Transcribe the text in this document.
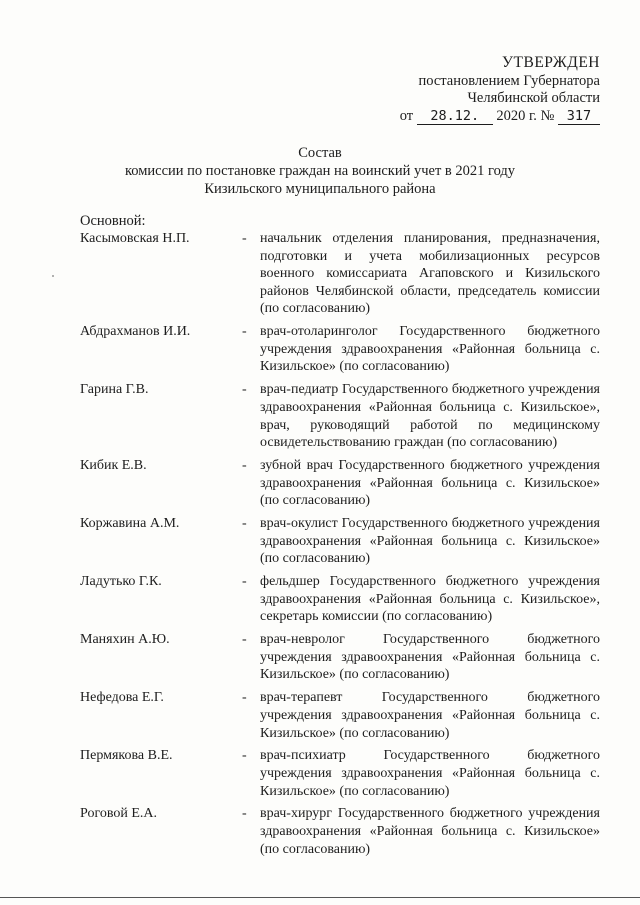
УТВЕРЖДЕН
постановлением Губернатора
Челябинской области
от 28.12. 2020 г. № 317
Состав
комиссии по постановке граждан на воинский учет в 2021 году
Кизильского муниципального района
Основной:
Касымовская Н.П.	- начальник отделения планирования, предназначения, подготовки и учета мобилизационных ресурсов военного комиссариата Агаповского и Кизильского районов Челябинской области, председатель комиссии (по согласованию)
Абдрахманов И.И.	- врач-отоларинголог Государственного бюджетного учреждения здравоохранения «Районная больница с. Кизильское» (по согласованию)
Гарина Г.В.	- врач-педиатр Государственного бюджетного учреждения здравоохранения «Районная больница с. Кизильское», врач, руководящий работой по медицинскому освидетельствованию граждан (по согласованию)
Кибик Е.В.	- зубной врач Государственного бюджетного учреждения здравоохранения «Районная больница с. Кизильское» (по согласованию)
Коржавина А.М.	- врач-окулист Государственного бюджетного учреждения здравоохранения «Районная больница с. Кизильское» (по согласованию)
Ладутько Г.К.	- фельдшер Государственного бюджетного учреждения здравоохранения «Районная больница с. Кизильское», секретарь комиссии (по согласованию)
Маняхин А.Ю.	- врач-невролог Государственного бюджетного учреждения здравоохранения «Районная больница с. Кизильское» (по согласованию)
Нефедова Е.Г.	- врач-терапевт Государственного бюджетного учреждения здравоохранения «Районная больница с. Кизильское» (по согласованию)
Пермякова В.Е.	- врач-психиатр Государственного бюджетного учреждения здравоохранения «Районная больница с. Кизильское» (по согласованию)
Роговой Е.А.	- врач-хирург Государственного бюджетного учреждения здравоохранения «Районная больница с. Кизильское» (по согласованию)
